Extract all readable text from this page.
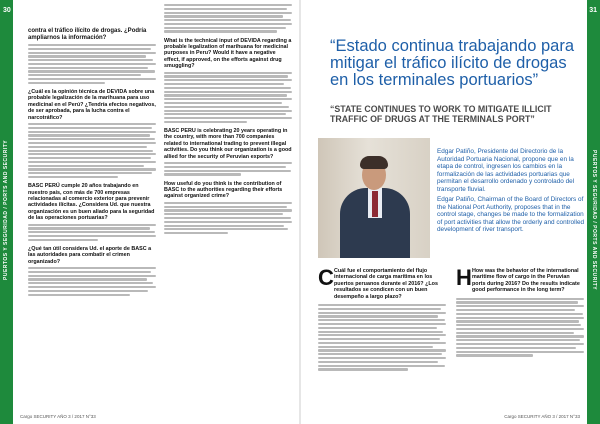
30
PUERTOS Y SEGURIDAD / PORTS AND SECURITY
contra el tráfico ilícito de drogas. ¿Podría ampliarnos la información?
¿Cuál es la opinión técnica de DEVIDA sobre una probable legalización de la marihuana para uso medicinal en el Perú? ¿Tendría efectos negativos, de ser aprobada, para la lucha contra el narcotráfico?
BASC PERÚ cumple 20 años trabajando en nuestro país, con más de 700 empresas relacionadas al comercio exterior para prevenir actividades ilícitas. ¿Considera Ud. que nuestra organización es un buen aliado para la seguridad de las operaciones portuarias?
¿Qué tan útil considera Ud. el aporte de BASC a las autoridades para combatir el crimen organizado?
What is the technical input of DEVIDA regarding a probable legalization of marihuana for medicinal purposes in Peru? Would it have a negative effect, if approved, on the efforts against drug smuggling?
BASC PERU is celebrating 20 years operating in the country, with more than 700 companies related to international trading to prevent illegal activities. Do you think our organization is a good allied for the security of Peruvian exports?
How useful do you think is the contribution of BASC to the authorities regarding their efforts against organized crime?
Cargo SECURITY AÑO 3 / 2017 N°33
31
PUERTOS Y SEGURIDAD / PORTS AND SECURITY
Cargo SECURITY AÑO 3 / 2017 N°33
“Estado continua trabajando para mitigar el tráfico ilícito de drogas en los terminales portuarios”
“STATE CONTINUES TO WORK TO MITIGATE ILLICIT TRAFFIC OF DRUGS AT THE TERMINALS PORT”
Edgar Patiño, Presidente del Directorio de la Autoridad Portuaria Nacional, propone que en la etapa de control, ingresen los cambios en la formalización de las actividades portuarias que permitan el desarrollo ordenado y controlado del transporte fluvial.
Edgar Patiño, Chairman of the Board of Directors of the National Port Authority, proposes that in the control stage, changes be made to the formalization of port activities that allow the orderly and controlled development of river transport.
C Cuál fue el comportamiento del flujo internacional de carga marítima en los puertos peruanos durante el 2016? ¿Los resultados se condicen con un buen desempeño a largo plazo?
H How was the behavior of the international maritime flow of cargo in the Peruvian ports during 2016? Do the results indicate good performance in the long term?
